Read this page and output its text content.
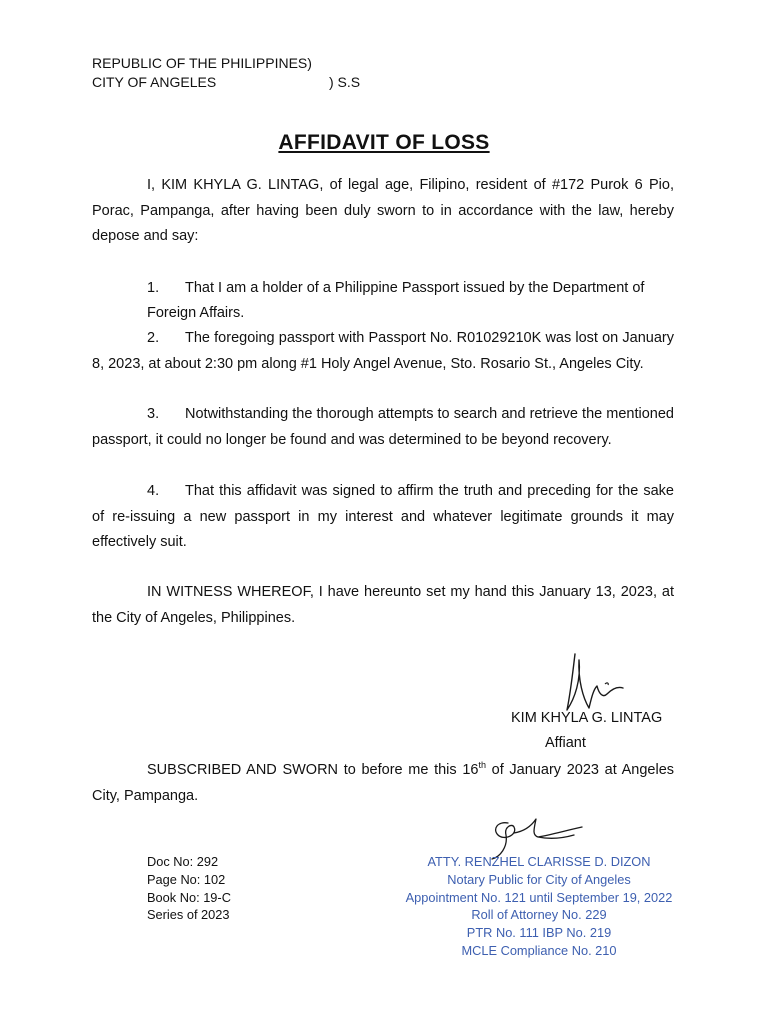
REPUBLIC OF THE PHILIPPINES)
CITY OF ANGELES	) S.S
AFFIDAVIT OF LOSS
I, KIM KHYLA G. LINTAG, of legal age, Filipino, resident of #172 Purok 6 Pio, Porac, Pampanga, after having been duly sworn to in accordance with the law, hereby depose and say:
1. That I am a holder of a Philippine Passport issued by the Department of
Foreign Affairs.
2. The foregoing passport with Passport No. R01029210K was lost on January 8, 2023, at about 2:30 pm along #1 Holy Angel Avenue, Sto. Rosario St., Angeles City.
3. Notwithstanding the thorough attempts to search and retrieve the mentioned passport, it could no longer be found and was determined to be beyond recovery.
4. That this affidavit was signed to affirm the truth and preceding for the sake of re-issuing a new passport in my interest and whatever legitimate grounds it may effectively suit.
IN WITNESS WHEREOF, I have hereunto set my hand this January 13, 2023, at the City of Angeles, Philippines.
KIM KHYLA G. LINTAG
Affiant
SUBSCRIBED AND SWORN to before me this 16th of January 2023 at Angeles City, Pampanga.
Doc No: 292
Page No: 102
Book No: 19-C
Series of 2023
ATTY. RENZHEL CLARISSE D. DIZON
Notary Public for City of Angeles
Appointment No. 121 until September 19, 2022
Roll of Attorney No. 229
PTR No. 111 IBP No. 219
MCLE Compliance No. 210
